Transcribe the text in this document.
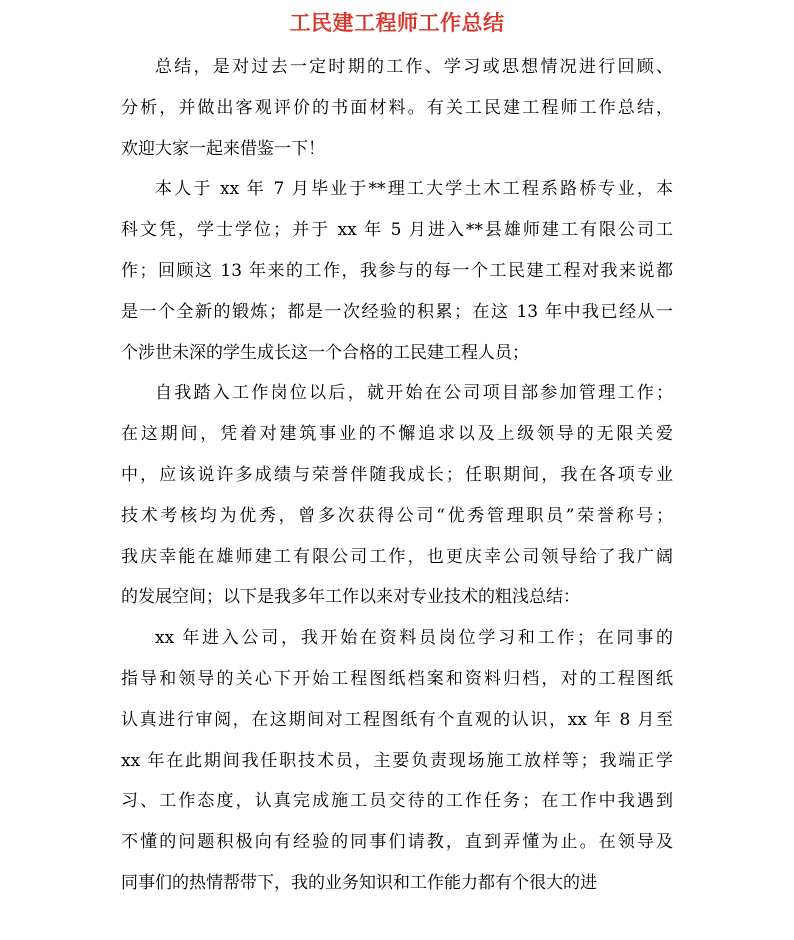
工民建工程师工作总结

总结，是对过去一定时期的工作、学习或思想情况进行回顾、
分析，并做出客观评价的书面材料。有关工民建工程师工作总结，
欢迎大家一起来借鉴一下！

本人于 xx 年 7 月毕业于**理工大学土木工程系路桥专业，本
科文凭，学士学位；并于 xx 年 5 月进入**县雄师建工有限公司工
作；回顾这 13 年来的工作，我参与的每一个工民建工程对我来说都
是一个全新的锻炼；都是一次经验的积累；在这 13 年中我已经从一
个涉世未深的学生成长这一个合格的工民建工程人员；

自我踏入工作岗位以后，就开始在公司项目部参加管理工作；
在这期间，凭着对建筑事业的不懈追求以及上级领导的无限关爱
中，应该说许多成绩与荣誉伴随我成长；任职期间，我在各项专业
技术考核均为优秀，曾多次获得公司“优秀管理职员”荣誉称号；
我庆幸能在雄师建工有限公司工作，也更庆幸公司领导给了我广阔
的发展空间；以下是我多年工作以来对专业技术的粗浅总结：

xx 年进入公司，我开始在资料员岗位学习和工作；在同事的
指导和领导的关心下开始工程图纸档案和资料归档，对的工程图纸
认真进行审阅，在这期间对工程图纸有个直观的认识，xx 年 8 月至
xx 年在此期间我任职技术员，主要负责现场施工放样等；我端正学
习、工作态度，认真完成施工员交待的工作任务；在工作中我遇到
不懂的问题积极向有经验的同事们请教，直到弄懂为止。在领导及
同事们的热情帮带下，我的业务知识和工作能力都有个很大的进
